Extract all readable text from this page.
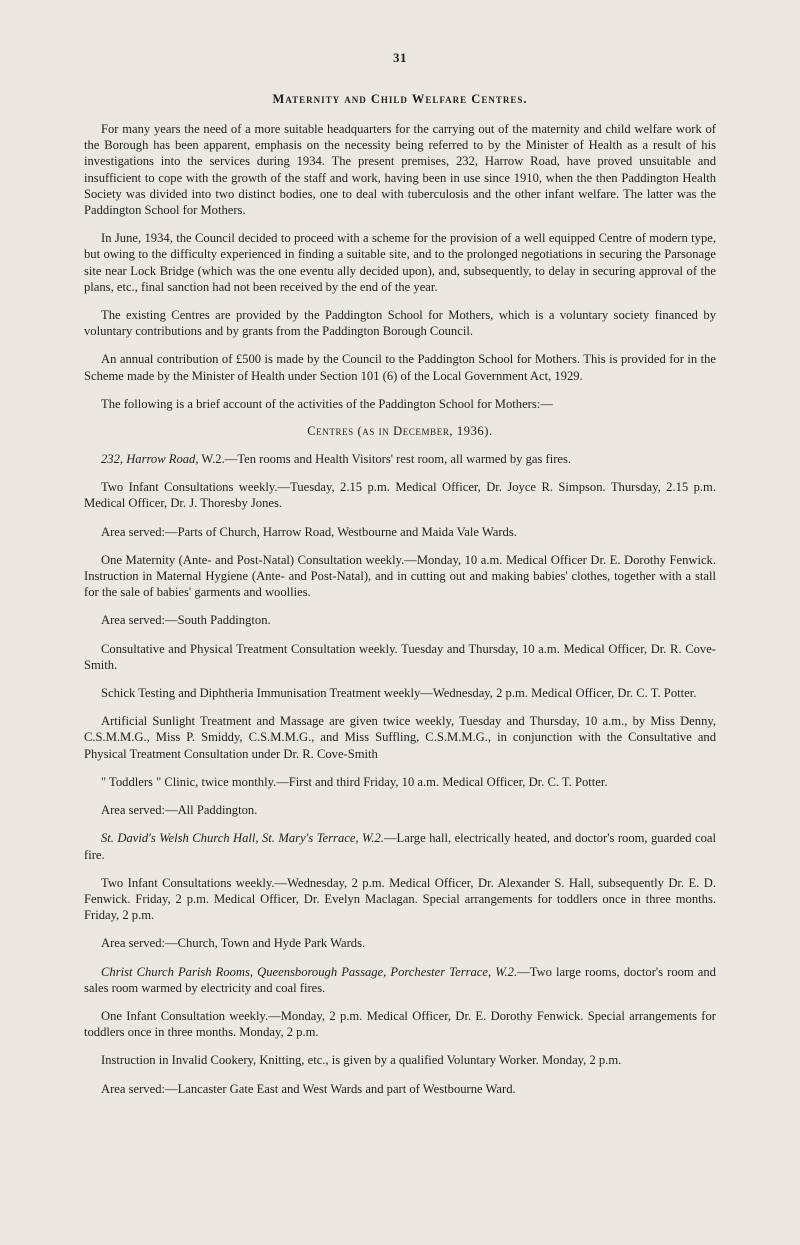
31
Maternity and Child Welfare Centres.

For many years the need of a more suitable headquarters for the carrying out of the maternity and child welfare work of the Borough has been apparent, emphasis on the necessity being referred to by the Minister of Health as a result of his investigations into the services during 1934. The present premises, 232, Harrow Road, have proved unsuitable and insufficient to cope with the growth of the staff and work, having been in use since 1910, when the then Paddington Health Society was divided into two distinct bodies, one to deal with tuberculosis and the other infant welfare. The latter was the Paddington School for Mothers.

In June, 1934, the Council decided to proceed with a scheme for the provision of a well equipped Centre of modern type, but owing to the difficulty experienced in finding a suitable site, and to the prolonged negotiations in securing the Parsonage site near Lock Bridge (which was the one eventu ally decided upon), and, subsequently, to delay in securing approval of the plans, etc., final sanction had not been received by the end of the year.

The existing Centres are provided by the Paddington School for Mothers, which is a voluntary society financed by voluntary contributions and by grants from the Paddington Borough Council.

An annual contribution of £500 is made by the Council to the Paddington School for Mothers. This is provided for in the Scheme made by the Minister of Health under Section 101 (6) of the Local Government Act, 1929.

The following is a brief account of the activities of the Paddington School for Mothers:—

Centres (as in December, 1936).

232, Harrow Road, W.2.—Ten rooms and Health Visitors' rest room, all warmed by gas fires.

Two Infant Consultations weekly.—Tuesday, 2.15 p.m. Medical Officer, Dr. Joyce R. Simpson. Thursday, 2.15 p.m. Medical Officer, Dr. J. Thoresby Jones.

Area served:—Parts of Church, Harrow Road, Westbourne and Maida Vale Wards.

One Maternity (Ante- and Post-Natal) Consultation weekly.—Monday, 10 a.m. Medical Officer Dr. E. Dorothy Fenwick. Instruction in Maternal Hygiene (Ante- and Post-Natal), and in cutting out and making babies' clothes, together with a stall for the sale of babies' garments and woollies.

Area served:—South Paddington.

Consultative and Physical Treatment Consultation weekly. Tuesday and Thursday, 10 a.m. Medical Officer, Dr. R. Cove-Smith.

Schick Testing and Diphtheria Immunisation Treatment weekly—Wednesday, 2 p.m. Medical Officer, Dr. C. T. Potter.

Artificial Sunlight Treatment and Massage are given twice weekly, Tuesday and Thursday, 10 a.m., by Miss Denny, C.S.M.M.G., Miss P. Smiddy, C.S.M.M.G., and Miss Suffling, C.S.M.M.G., in conjunction with the Consultative and Physical Treatment Consultation under Dr. R. Cove-Smith

" Toddlers " Clinic, twice monthly.—First and third Friday, 10 a.m. Medical Officer, Dr. C. T. Potter.

Area served:—All Paddington.

St. David's Welsh Church Hall, St. Mary's Terrace, W.2.—Large hall, electrically heated, and doctor's room, guarded coal fire.

Two Infant Consultations weekly.—Wednesday, 2 p.m. Medical Officer, Dr. Alexander S. Hall, subsequently Dr. E. D. Fenwick. Friday, 2 p.m. Medical Officer, Dr. Evelyn Maclagan. Special arrangements for toddlers once in three months. Friday, 2 p.m.

Area served:—Church, Town and Hyde Park Wards.

Christ Church Parish Rooms, Queensborough Passage, Porchester Terrace, W.2.—Two large rooms, doctor's room and sales room warmed by electricity and coal fires.

One Infant Consultation weekly.—Monday, 2 p.m. Medical Officer, Dr. E. Dorothy Fenwick. Special arrangements for toddlers once in three months. Monday, 2 p.m.

Instruction in Invalid Cookery, Knitting, etc., is given by a qualified Voluntary Worker. Monday, 2 p.m.

Area served:—Lancaster Gate East and West Wards and part of Westbourne Ward.
